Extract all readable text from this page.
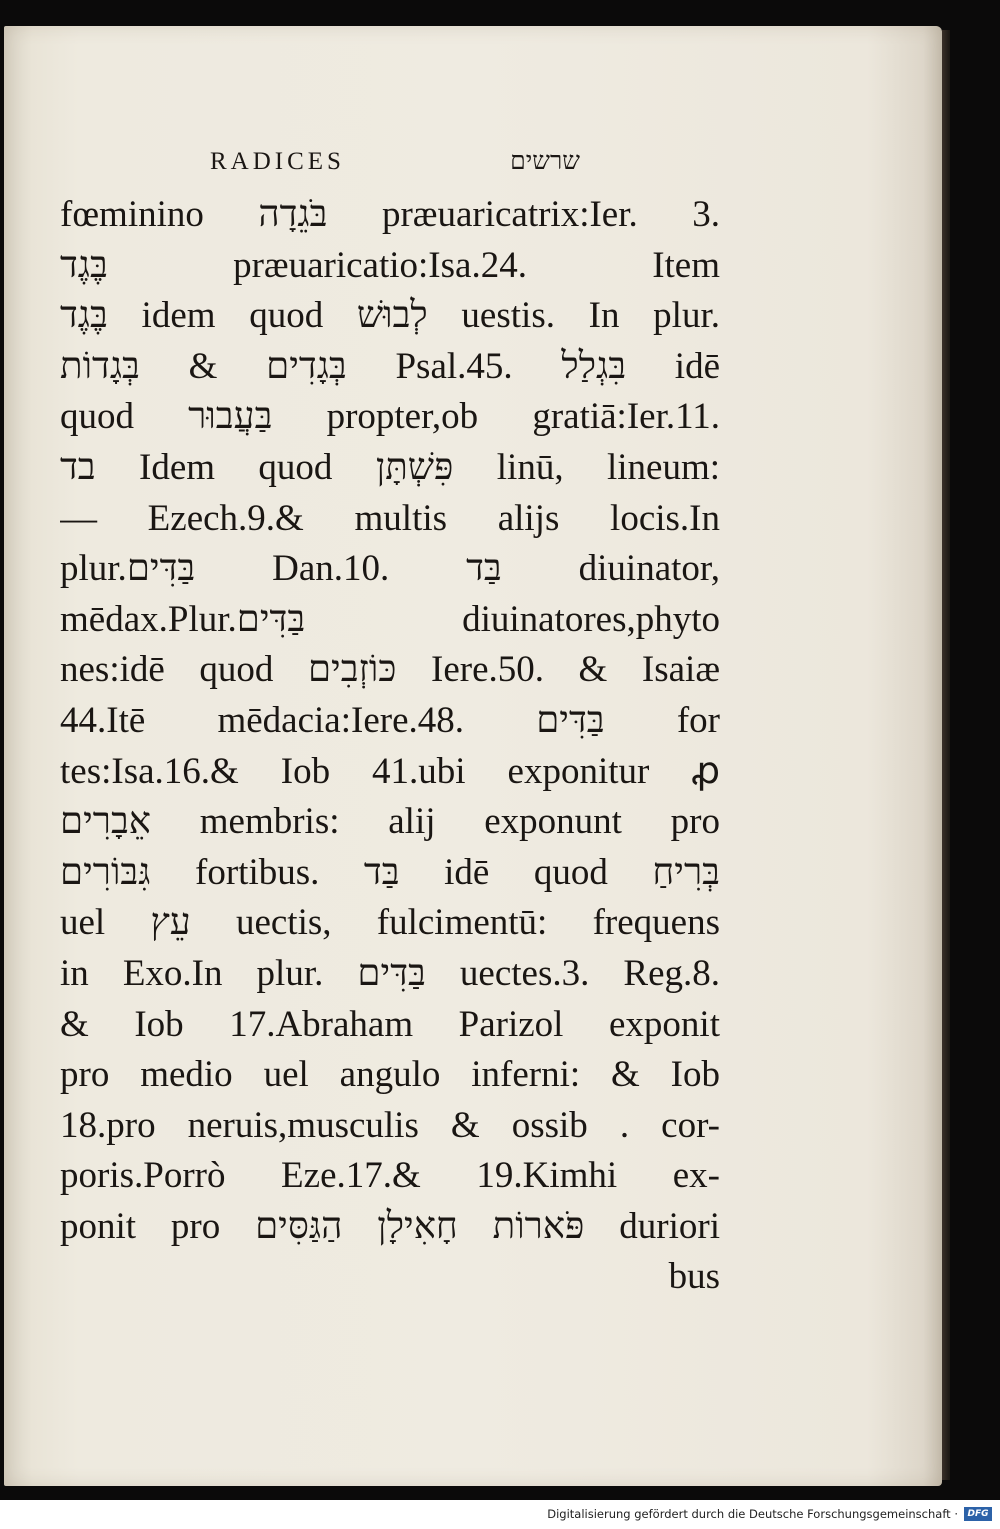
RADICES	שרשים
fœminino בֹּגֵדָה præuaricatrix:Ier. 3.
בֶּגֶד præuaricatio:Isa.24. Item
בֶּגֶד idem quod לְבוּשׁ uestis. In plur.
בְּגָדִים & בְּגָדוֹת Psal.45. בִּגְלַל idē
quod בַּעֲבוּר propter,ob gratiā:Ier.11.
בד Idem quod פִּשְׁתָּן linū, lineum:
— Ezech.9.& multis alijs locis.In
plur.בַּדִּים Dan.10. בַּד diuinator,
mēdax.Plur.בַּדִּים diuinatores,phyto
nes:idē quod כּוֹזְבִים Iere.50. & Isaiæ
44.Itē mēdacia:Iere.48. בַּדִּים for
tes:Isa.16.& Iob 41.ubi exponitur ꝓ
אֵבָרִים membris: alij exponunt pro
גִּבּוֹרִים fortibus. בַּד idē quod בְּרִיחַ
uel עֵץ uectis, fulcimentū: frequens
in Exo.In plur. בַּדִּים uectes.3. Reg.8.
& Iob 17.Abraham Parizol exponit
pro medio uel angulo inferni: & Iob
18.pro neruis,musculis & ossib . cor-
poris.Porrò Eze.17.& 19.Kimhi ex-
ponit pro פֹּארוֹת חָאִילָן הַגַּסִּים duriori
bus
Digitalisierung gefördert durch die Deutsche Forschungsgemeinschaft ·	DFG
